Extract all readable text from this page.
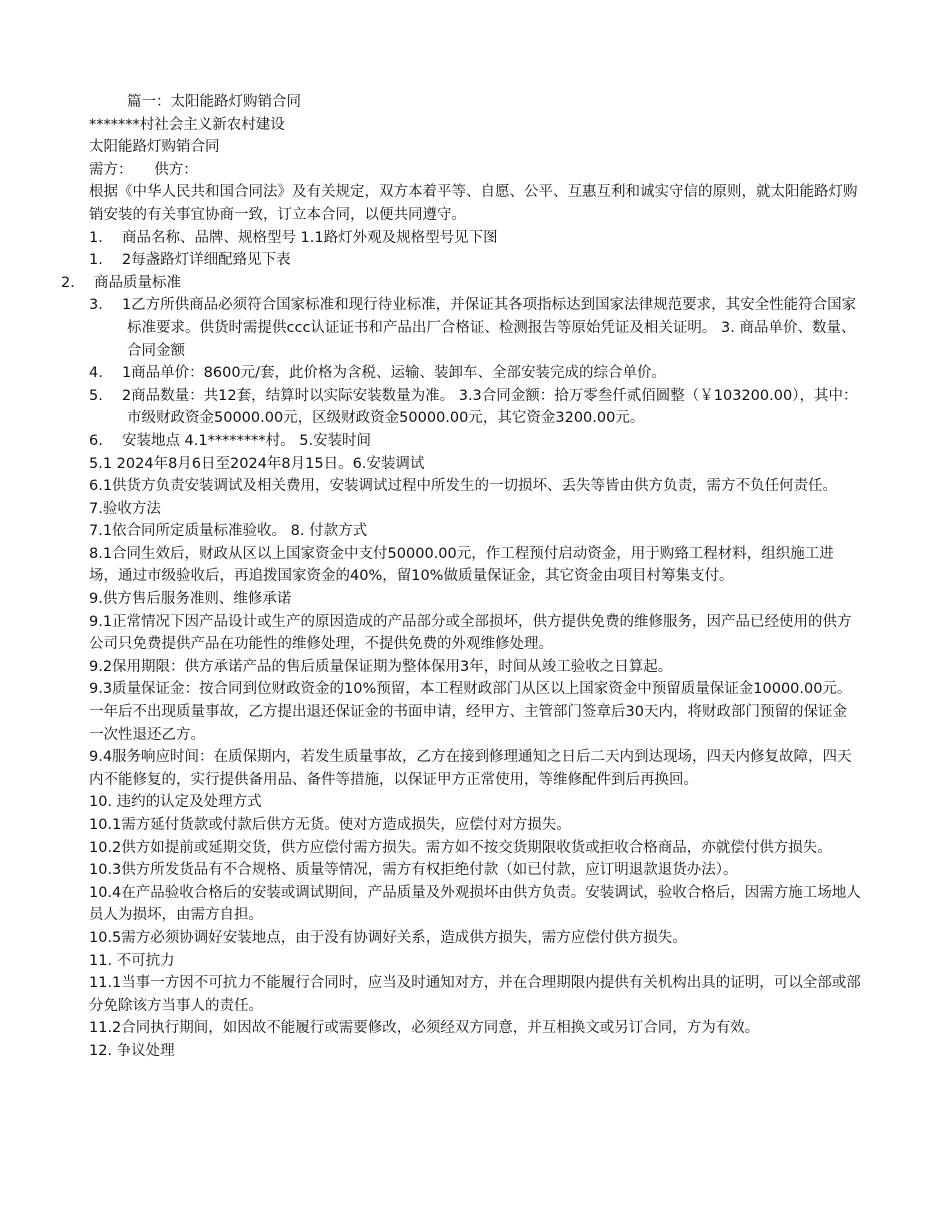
篇一：太阳能路灯购销合同

*******村社会主义新农村建设

太阳能路灯购销合同

需方：　　供方：

根据《中华人民共和国合同法》及有关规定，双方本着平等、自愿、公平、互惠互利和诚实守信的原则，就太阳能路灯购销安装的有关事宜协商一致，订立本合同，以便共同遵守。

1.　 商品名称、品牌、规格型号 1.1路灯外观及规格型号见下图

1.　 2每盏路灯详细配臵见下表

2.　 商品质量标准

3.　 1乙方所供商品必须符合国家标准和现行待业标准，并保证其各项指标达到国家法律规范要求，其安全性能符合国家标准要求。供货时需提供ccc认证证书和产品出厂合格证、检测报告等原始凭证及相关证明。 3. 商品单价、数量、合同金额

4.　 1商品单价：8600元/套，此价格为含税、运输、装卸车、全部安装完成的综合单价。

5.　 2商品数量：共12套，结算时以实际安装数量为准。 3.3合同金额：拾万零叁仟贰佰圆整（￥103200.00），其中：市级财政资金50000.00元，区级财政资金50000.00元，其它资金3200.00元。

6.　 安装地点 4.1********村。 5.安装时间

5.1 2024年8月6日至2024年8月15日。6.安装调试

6.1供货方负责安装调试及相关费用，安装调试过程中所发生的一切损坏、丢失等皆由供方负责，需方不负任何责任。

7.验收方法

7.1依合同所定质量标准验收。 8. 付款方式

8.1合同生效后，财政从区以上国家资金中支付50000.00元，作工程预付启动资金，用于购臵工程材料，组织施工进场，通过市级验收后，再追拨国家资金的40%，留10%做质量保证金，其它资金由项目村筹集支付。

9.供方售后服务准则、维修承诺

9.1正常情况下因产品设计或生产的原因造成的产品部分或全部损坏，供方提供免费的维修服务，因产品已经使用的供方公司只免费提供产品在功能性的维修处理，不提供免费的外观维修处理。

9.2保用期限：供方承诺产品的售后质量保证期为整体保用3年，时间从竣工验收之日算起。

9.3质量保证金：按合同到位财政资金的10%预留，本工程财政部门从区以上国家资金中预留质量保证金10000.00元。一年后不出现质量事故，乙方提出退还保证金的书面申请，经甲方、主管部门签章后30天内，将财政部门预留的保证金一次性退还乙方。

9.4服务响应时间：在质保期内，若发生质量事故，乙方在接到修理通知之日后二天内到达现场，四天内修复故障，四天内不能修复的，实行提供备用品、备件等措施，以保证甲方正常使用，等维修配件到后再换回。

10. 违约的认定及处理方式

10.1需方延付货款或付款后供方无货。使对方造成损失，应偿付对方损失。

10.2供方如提前或延期交货，供方应偿付需方损失。需方如不按交货期限收货或拒收合格商品，亦就偿付供方损失。

10.3供方所发货品有不合规格、质量等情况，需方有权拒绝付款（如已付款，应订明退款退货办法）。

10.4在产品验收合格后的安装或调试期间，产品质量及外观损坏由供方负责。安装调试，验收合格后，因需方施工场地人员人为损坏，由需方自担。

10.5需方必须协调好安装地点，由于没有协调好关系，造成供方损失，需方应偿付供方损失。

11. 不可抗力

11.1当事一方因不可抗力不能履行合同时，应当及时通知对方，并在合理期限内提供有关机构出具的证明，可以全部或部分免除该方当事人的责任。

11.2合同执行期间，如因故不能履行或需要修改，必须经双方同意，并互相换文或另订合同，方为有效。

12. 争议处理
